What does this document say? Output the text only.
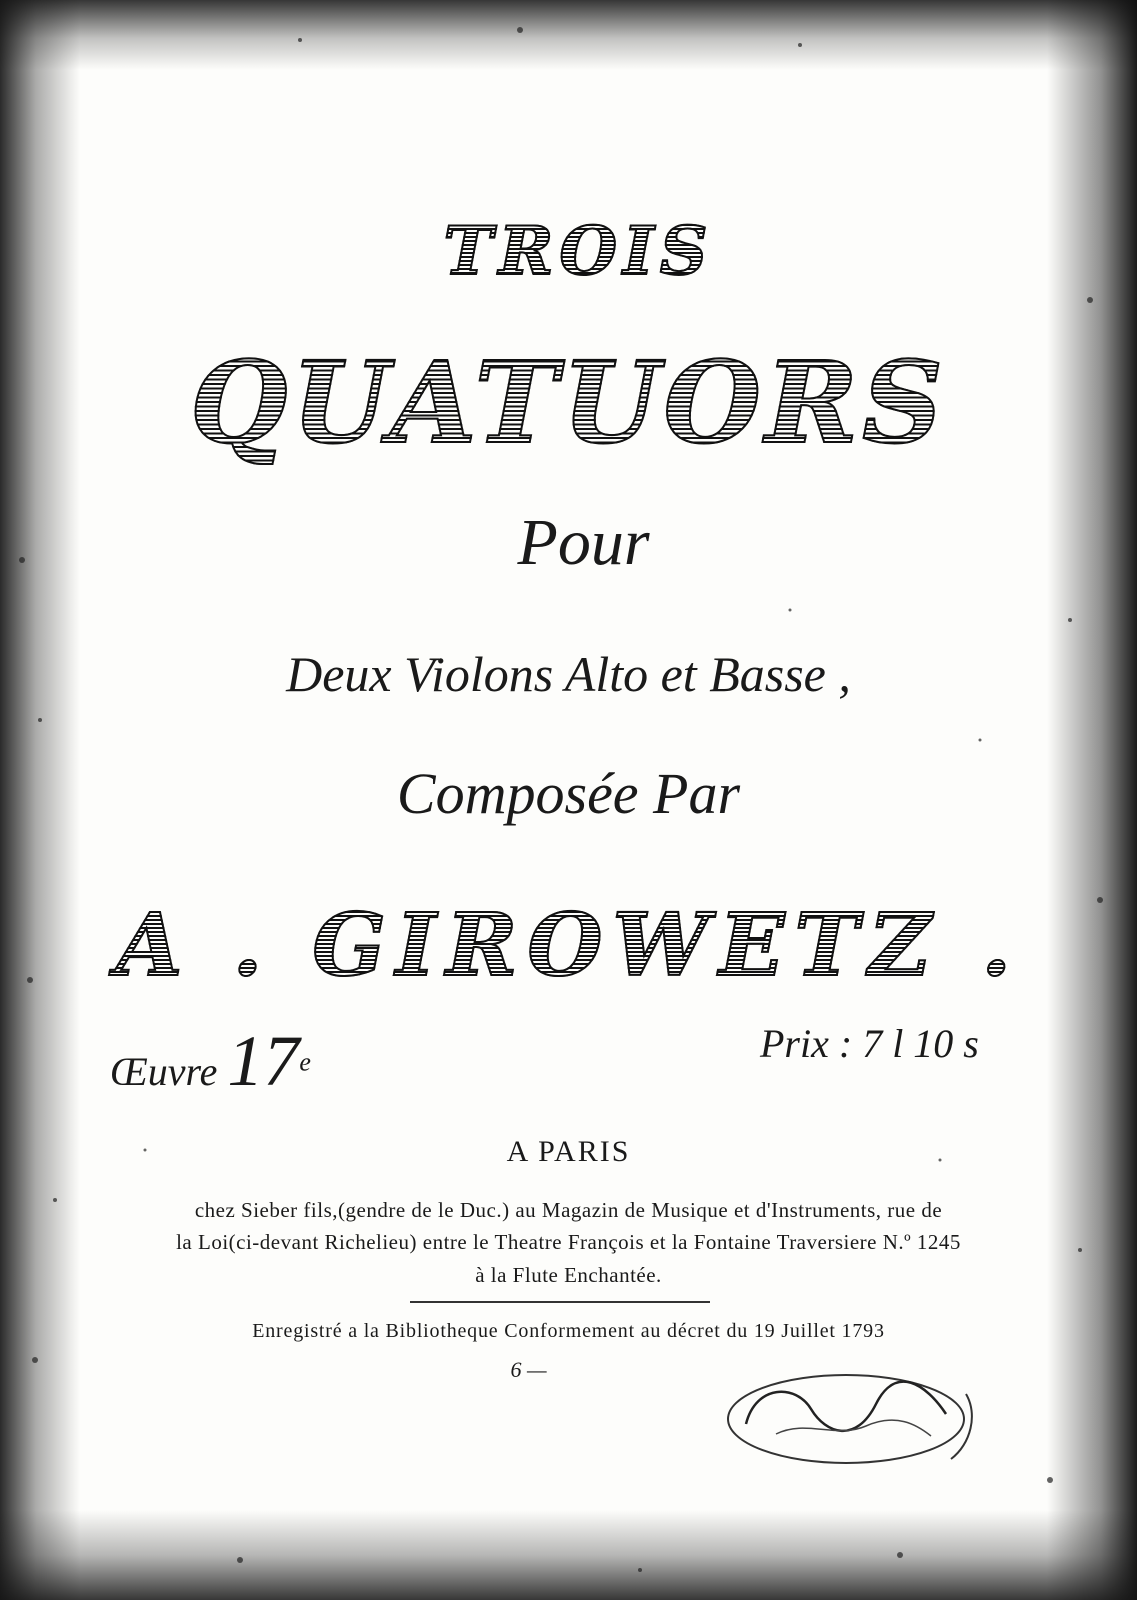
TROIS
QUATUORS
Pour
Deux Violons Alto et Basse ,
Composée Par
A . GIROWETZ .
Œuvre 17e	Prix : 7 l 10 s
A PARIS
chez Sieber fils,(gendre de le Duc.) au Magazin de Musique et d'Instruments, rue de
la Loi(ci-devant Richelieu) entre le Theatre François et la Fontaine Traversiere N.º 1245
à la Flute Enchantée.
Enregistré a la Bibliotheque Conformement au décret du 19 Juillet 1793
6 —
